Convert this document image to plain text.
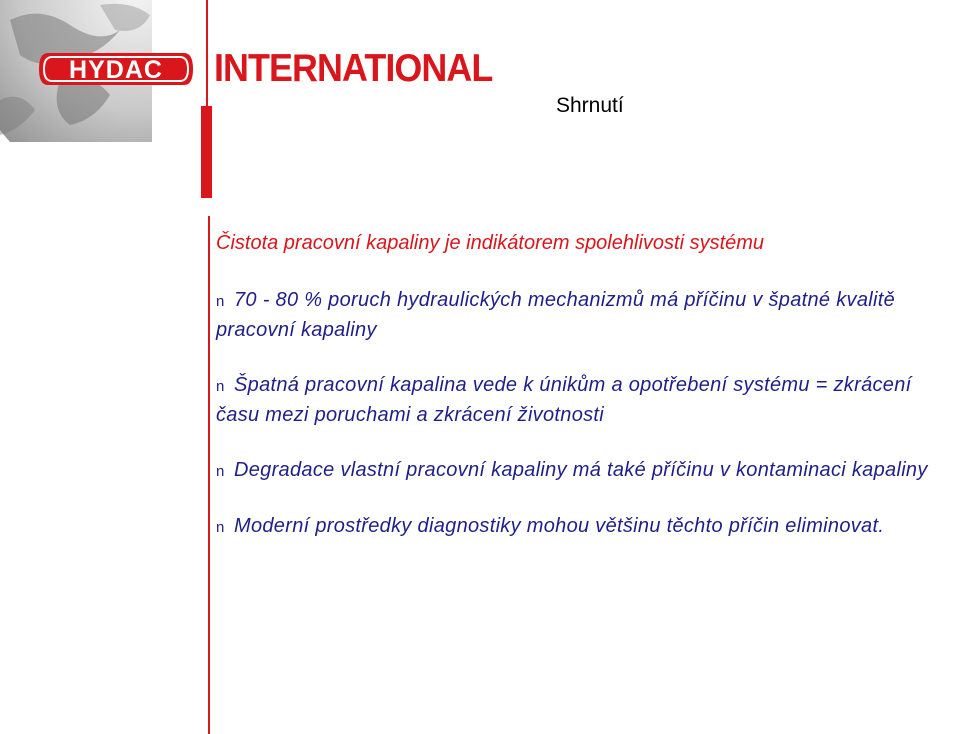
HYDAC INTERNATIONAL
Shrnutí
Čistota pracovní kapaliny je indikátorem spolehlivosti systému
n 70 - 80 % poruch hydraulických mechanizmů má příčinu v špatné kvalitě pracovní kapaliny
n Špatná pracovní kapalina vede k únikům a opotřebení systému = zkrácení času mezi poruchami a zkrácení životnosti
n Degradace vlastní pracovní kapaliny má také příčinu v kontaminaci kapaliny
n Moderní prostředky diagnostiky mohou většinu těchto příčin eliminovat.
